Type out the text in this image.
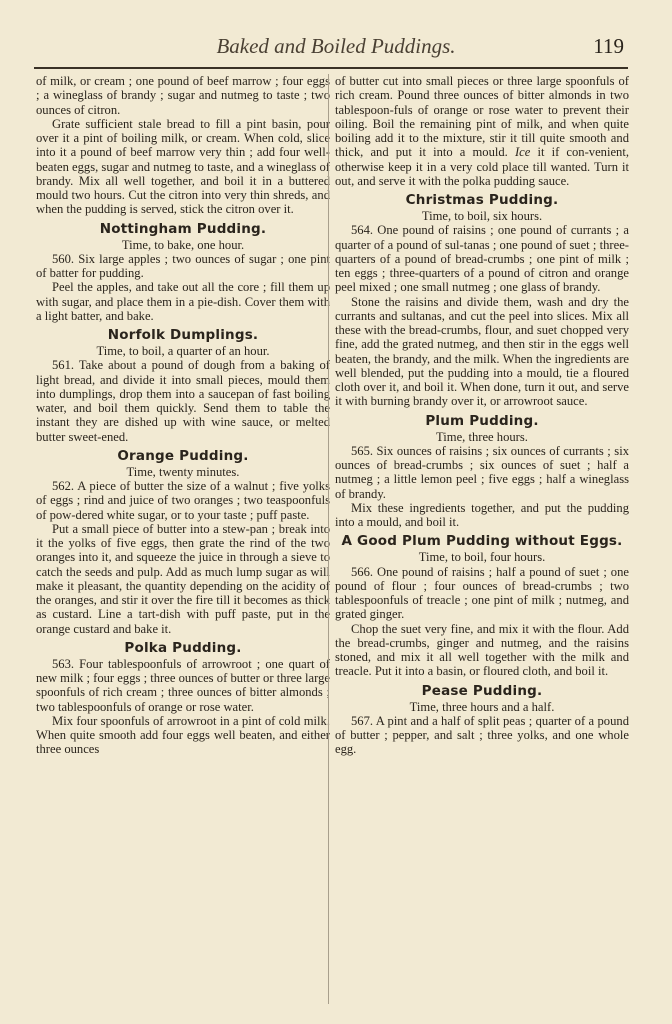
Baked and Boiled Puddings.	119

of milk, or cream ; one pound of beef marrow ; four eggs ; a wineglass of brandy ; sugar and nutmeg to taste ; two ounces of citron.

Grate sufficient stale bread to fill a pint basin, pour over it a pint of boiling milk, or cream. When cold, slice into it a pound of beef marrow very thin ; add four well-beaten eggs, sugar and nutmeg to taste, and a wineglass of brandy. Mix all well together, and boil it in a buttered mould two hours. Cut the citron into very thin shreds, and when the pudding is served, stick the citron over it.

Nottingham Pudding.

Time, to bake, one hour.

560. Six large apples ; two ounces of sugar ; one pint of batter for pudding.

Peel the apples, and take out all the core ; fill them up with sugar, and place them in a pie-dish. Cover them with a light batter, and bake.

Norfolk Dumplings.

Time, to boil, a quarter of an hour.

561. Take about a pound of dough from a baking of light bread, and divide it into small pieces, mould them into dumplings, drop them into a saucepan of fast boiling water, and boil them quickly. Send them to table the instant they are dished up with wine sauce, or melted butter sweet-ened.

Orange Pudding.

Time, twenty minutes.

562. A piece of butter the size of a walnut ; five yolks of eggs ; rind and juice of two oranges ; two teaspoonfuls of pow-dered white sugar, or to your taste ; puff paste.

Put a small piece of butter into a stew-pan ; break into it the yolks of five eggs, then grate the rind of the two oranges into it, and squeeze the juice in through a sieve to catch the seeds and pulp. Add as much lump sugar as will make it pleasant, the quantity depending on the acidity of the oranges, and stir it over the fire till it becomes as thick as custard. Line a tart-dish with puff paste, put in the orange custard and bake it.

Polka Pudding.

563. Four tablespoonfuls of arrowroot ; one quart of new milk ; four eggs ; three ounces of butter or three large spoonfuls of rich cream ; three ounces of bitter almonds ; two tablespoonfuls of orange or rose water.

Mix four spoonfuls of arrowroot in a pint of cold milk. When quite smooth add four eggs well beaten, and either three ounces

of butter cut into small pieces or three large spoonfuls of rich cream. Pound three ounces of bitter almonds in two tablespoon-fuls of orange or rose water to prevent their oiling. Boil the remaining pint of milk, and when quite boiling add it to the mixture, stir it till quite smooth and thick, and put it into a mould. Ice it if con-venient, otherwise keep it in a very cold place till wanted. Turn it out, and serve it with the polka pudding sauce.

Christmas Pudding.

Time, to boil, six hours.

564. One pound of raisins ; one pound of currants ; a quarter of a pound of sul-tanas ; one pound of suet ; three-quarters of a pound of bread-crumbs ; one pint of milk ; ten eggs ; three-quarters of a pound of citron and orange peel mixed ; one small nutmeg ; one glass of brandy.

Stone the raisins and divide them, wash and dry the currants and sultanas, and cut the peel into slices. Mix all these with the bread-crumbs, flour, and suet chopped very fine, add the grated nutmeg, and then stir in the eggs well beaten, the brandy, and the milk. When the ingredients are well blended, put the pudding into a mould, tie a floured cloth over it, and boil it. When done, turn it out, and serve it with burning brandy over it, or arrowroot sauce.

Plum Pudding.

Time, three hours.

565. Six ounces of raisins ; six ounces of currants ; six ounces of bread-crumbs ; six ounces of suet ; half a nutmeg ; a little lemon peel ; five eggs ; half a wineglass of brandy.

Mix these ingredients together, and put the pudding into a mould, and boil it.

A Good Plum Pudding without Eggs.

Time, to boil, four hours.

566. One pound of raisins ; half a pound of suet ; one pound of flour ; four ounces of bread-crumbs ; two tablespoonfuls of treacle ; one pint of milk ; nutmeg, and grated ginger.

Chop the suet very fine, and mix it with the flour. Add the bread-crumbs, ginger and nutmeg, and the raisins stoned, and mix it all well together with the milk and treacle. Put it into a basin, or floured cloth, and boil it.

Pease Pudding.

Time, three hours and a half.

567. A pint and a half of split peas ; quarter of a pound of butter ; pepper, and salt ; three yolks, and one whole egg.
